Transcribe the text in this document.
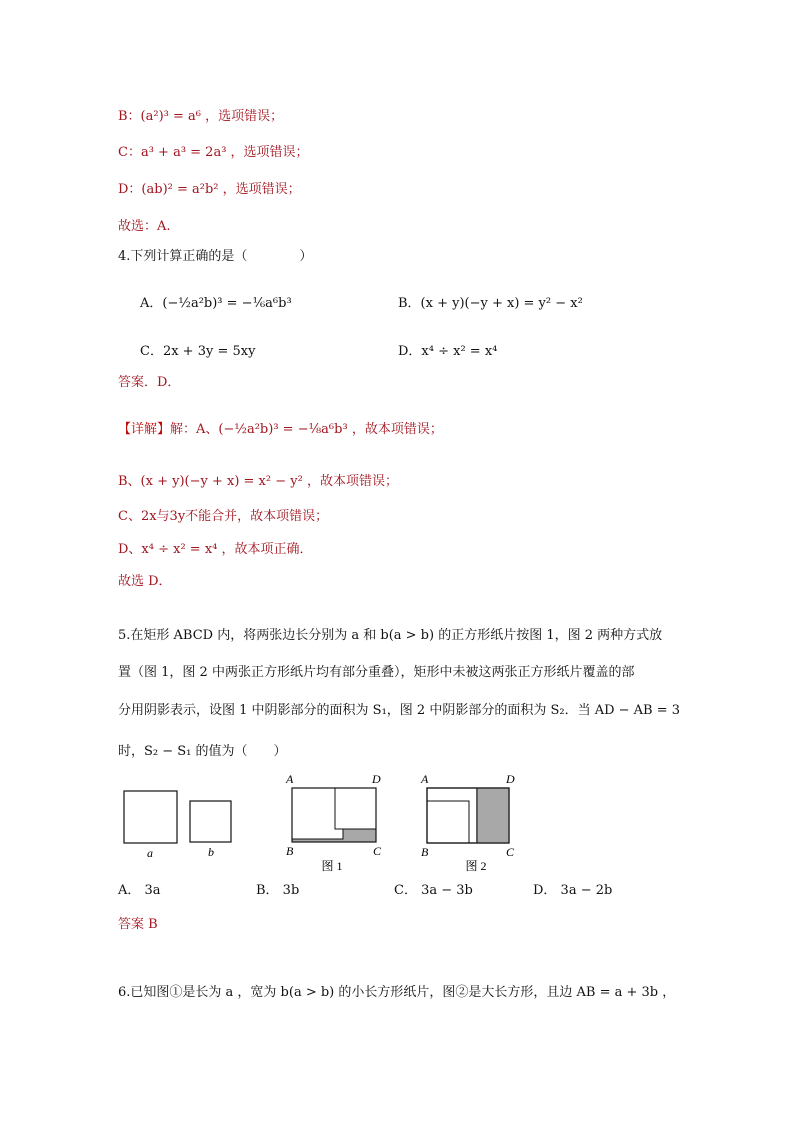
B：(a²)³ = a⁶ ，选项错误；
C：a³ + a³ = 2a³ ，选项错误；
D：(ab)² = a²b² ，选项错误；
故选：A.
4.下列计算正确的是（　　　　）
A．(−½a²b)³ = −⅙a⁶b³	B．(x + y)(−y + x) = y² − x²
C．2x + 3y = 5xy	D．x⁴ ÷ x² = x⁴
答案．D．
【详解】解：A、(−½a²b)³ = −⅛a⁶b³ ，故本项错误；
B、(x + y)(−y + x) = x² − y² ，故本项错误；
C、2x与3y不能合并，故本项错误；
D、x⁴ ÷ x² = x⁴ ，故本项正确．
故选 D．
5.在矩形 ABCD 内，将两张边长分别为 a 和 b(a > b) 的正方形纸片按图 1，图 2 两种方式放
置（图 1，图 2 中两张正方形纸片均有部分重叠），矩形中未被这两张正方形纸片覆盖的部
分用阴影表示，设图 1 中阴影部分的面积为 S₁，图 2 中阴影部分的面积为 S₂．当 AD − AB = 3
时，S₂ − S₁ 的值为（　　）
a	b
A	D
B	C
图 1
A	D
B	C
图 2
A． 3a	B． 3b	C． 3a − 3b	D． 3a − 2b
答案 B
6.已知图①是长为 a ，宽为 b(a > b) 的小长方形纸片，图②是大长方形，且边 AB = a + 3b ，
